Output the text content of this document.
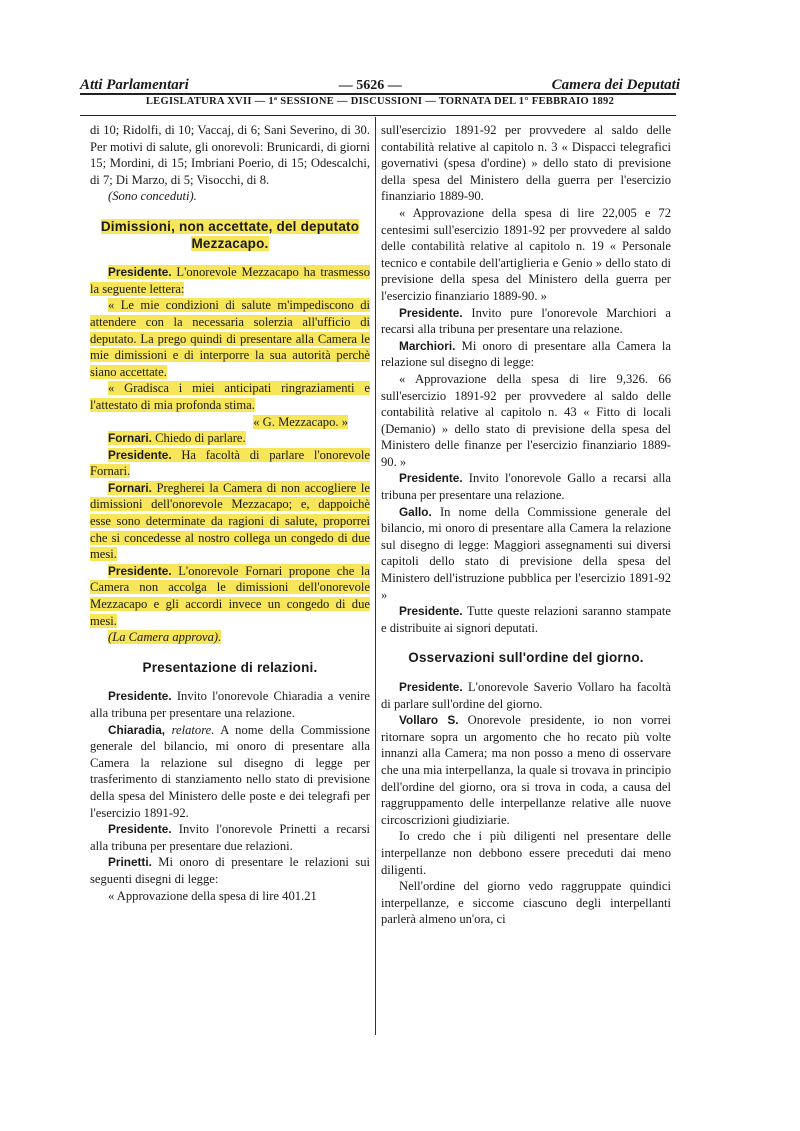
Atti Parlamentari	— 5626 —	Camera dei Deputati
LEGISLATURA XVII — 1ª SESSIONE — DISCUSSIONI — TORNATA DEL 1° FEBBRAIO 1892

di 10; Ridolfi, di 10; Vaccaj, di 6; Sani Severino, di 30. Per motivi di salute, gli onorevoli: Brunicardi, di giorni 15; Mordini, di 15; Imbriani Poerio, di 15; Odescalchi, di 7; Di Marzo, di 5; Visocchi, di 8.

(Sono conceduti).

Dimissioni, non accettate, del deputato Mezzacapo.

Presidente. L'onorevole Mezzacapo ha trasmesso la seguente lettera:

« Le mie condizioni di salute m'impediscono di attendere con la necessaria solerzia all'ufficio di deputato. La prego quindi di presentare alla Camera le mie dimissioni e di interporre la sua autorità perchè siano accettate.

« Gradisca i miei anticipati ringraziamenti e l'attestato di mia profonda stima.

« G. Mezzacapo. »

Fornari. Chiedo di parlare.

Presidente. Ha facoltà di parlare l'onorevole Fornari.

Fornari. Pregherei la Camera di non accogliere le dimissioni dell'onorevole Mezzacapo; e, dappoichè esse sono determinate da ragioni di salute, proporrei che si concedesse al nostro collega un congedo di due mesi.

Presidente. L'onorevole Fornari propone che la Camera non accolga le dimissioni dell'onorevole Mezzacapo e gli accordi invece un congedo di due mesi.

(La Camera approva).

Presentazione di relazioni.

Presidente. Invito l'onorevole Chiaradia a venire alla tribuna per presentare una relazione.

Chiaradia, relatore. A nome della Commissione generale del bilancio, mi onoro di presentare alla Camera la relazione sul disegno di legge per trasferimento di stanziamento nello stato di previsione della spesa del Ministero delle poste e dei telegrafi per l'esercizio 1891-92.

Presidente. Invito l'onorevole Prinetti a recarsi alla tribuna per presentare due relazioni.

Prinetti. Mi onoro di presentare le relazioni sui seguenti disegni di legge:

« Approvazione della spesa di lire 401.21

sull'esercizio 1891-92 per provvedere al saldo delle contabilità relative al capitolo n. 3 « Dispacci telegrafici governativi (spesa d'ordine) » dello stato di previsione della spesa del Ministero della guerra per l'esercizio finanziario 1889-90.

« Approvazione della spesa di lire 22,005 e 72 centesimi sull'esercizio 1891-92 per provvedere al saldo delle contabilità relative al capitolo n. 19 « Personale tecnico e contabile dell'artiglieria e Genio » dello stato di previsione della spesa del Ministero della guerra per l'esercizio finanziario 1889-90. »

Presidente. Invito pure l'onorevole Marchiori a recarsi alla tribuna per presentare una relazione.

Marchiori. Mi onoro di presentare alla Camera la relazione sul disegno di legge:

« Approvazione della spesa di lire 9,326. 66 sull'esercizio 1891-92 per provvedere al saldo delle contabilità relative al capitolo n. 43 « Fitto di locali (Demanio) » dello stato di previsione della spesa del Ministero delle finanze per l'esercizio finanziario 1889-90. »

Presidente. Invito l'onorevole Gallo a recarsi alla tribuna per presentare una relazione.

Gallo. In nome della Commissione generale del bilancio, mi onoro di presentare alla Camera la relazione sul disegno di legge: Maggiori assegnamenti sui diversi capitoli dello stato di previsione della spesa del Ministero dell'istruzione pubblica per l'esercizio 1891-92 »

Presidente. Tutte queste relazioni saranno stampate e distribuite ai signori deputati.

Osservazioni sull'ordine del giorno.

Presidente. L'onorevole Saverio Vollaro ha facoltà di parlare sull'ordine del giorno.

Vollaro S. Onorevole presidente, io non vorrei ritornare sopra un argomento che ho recato più volte innanzi alla Camera; ma non posso a meno di osservare che una mia interpellanza, la quale si trovava in principio dell'ordine del giorno, ora si trova in coda, a causa del raggruppamento delle interpellanze relative alle nuove circoscrizioni giudiziarie.

Io credo che i più diligenti nel presentare delle interpellanze non debbono essere preceduti dai meno diligenti.

Nell'ordine del giorno vedo raggruppate quindici interpellanze, e siccome ciascuno degli interpellanti parlerà almeno un'ora, ci
